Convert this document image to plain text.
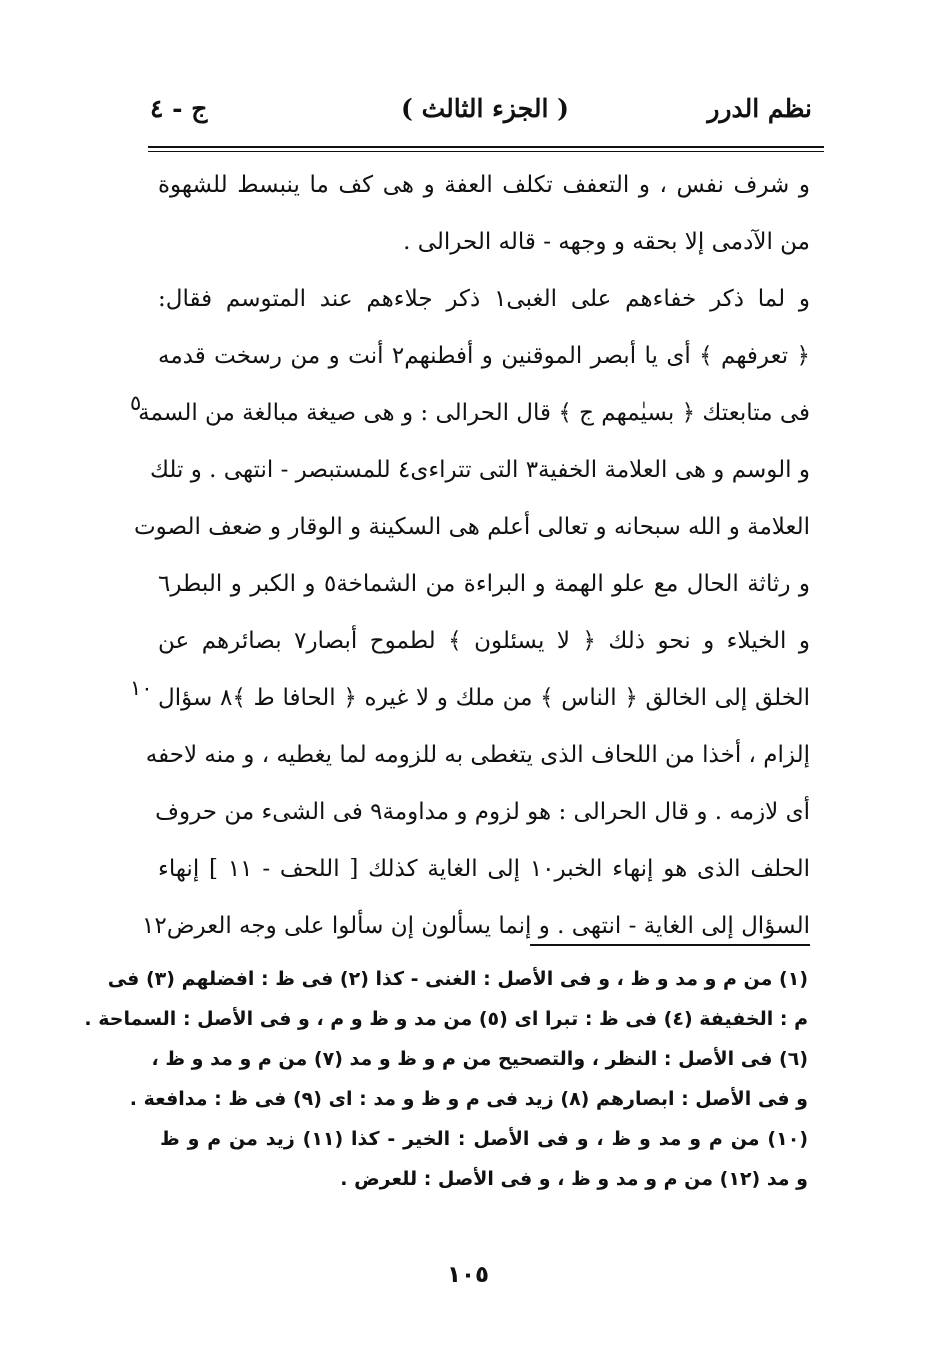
نظم الدرر
( الجزء الثالث )
ج - ٤
و شرف نفس ، و التعفف تكلف العفة و هى كف ما ينبسط للشهوة
من الآدمى إلا بحقه و وجهه - قاله الحرالى .
و لما ذكر خفاءهم على الغبى١ ذكر جلاءهم عند المتوسم فقال:
﴿ تعرفهم ﴾ أى يا أبصر الموقنين و أفطنهم٢ أنت و من رسخت قدمه
فى متابعتك ﴿ بسيٰمهم ج ﴾ قال الحرالى : و هى صيغة مبالغة من السمة
و الوسم و هى العلامة الخفية٣ التى تتراءى٤ للمستبصر - انتهى . و تلك
العلامة و الله سبحانه و تعالى أعلم هى السكينة و الوقار و ضعف الصوت
و رثاثة الحال مع علو الهمة و البراءة من الشماخة٥ و الكبر و البطر٦
و الخيلاء و نحو ذلك ﴿ لا يسئلون ﴾ لطموح أبصار٧ بصائرهم عن
الخلق إلى الخالق ﴿ الناس ﴾ من ملك و لا غيره ﴿ الحافا ط ﴾٨ سؤال
إلزام ، أخذا من اللحاف الذى يتغطى به للزومه لما يغطيه ، و منه لاحفه
أى لازمه . و قال الحرالى : هو لزوم و مداومة٩ فى الشىء من حروف
الحلف الذى هو إنهاء الخبر١٠ إلى الغاية كذلك [ اللحف - ١١ ] إنهاء
السؤال إلى الغاية - انتهى . و إنما يسألون إن سألوا على وجه العرض١٢
٥
١٠
(١) من م و مد و ظ ، و فى الأصل : الغنى - كذا (٢) فى ظ : افضلهم (٣) فى
م : الخفيفة (٤) فى ظ : تبرا اى (٥) من مد و ظ و م ، و فى الأصل : السماحة .
(٦) فى الأصل : النظر ، والتصحيح من م و ظ و مد (٧) من م و مد و ظ ،
و فى الأصل : ابصارهم (٨) زيد فى م و ظ و مد : اى (٩) فى ظ : مدافعة .
(١٠) من م و مد و ظ ، و فى الأصل : الخير - كذا (١١) زيد من م و ظ
و مد (١٢) من م و مد و ظ ، و فى الأصل : للعرض .
١٠٥
